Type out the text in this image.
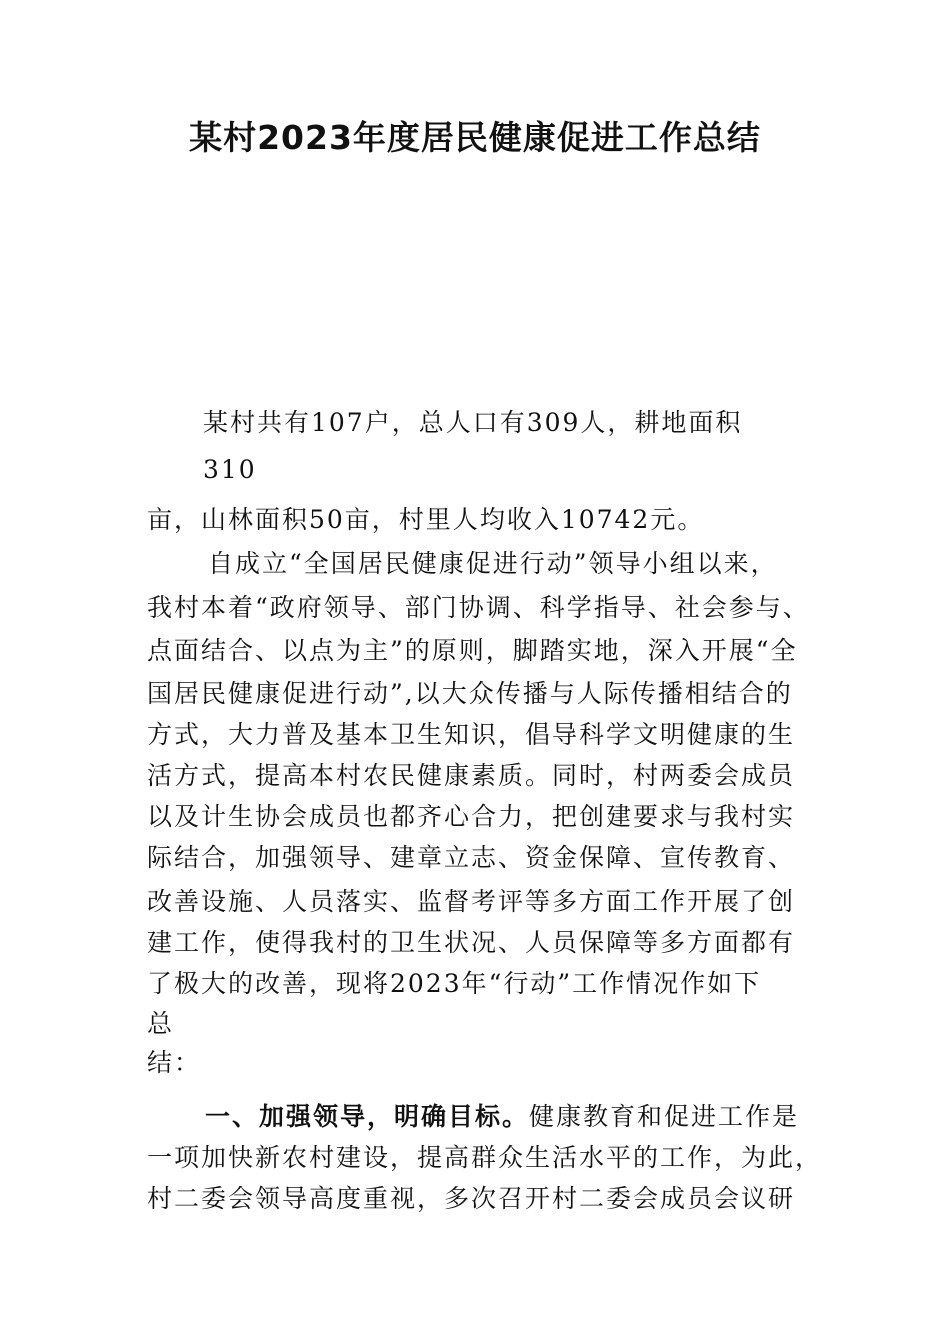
某村2023年度居民健康促进工作总结
某村共有107户，总人口有309人，耕地面积
310
亩，山林面积50亩，村里人均收入10742元。
自成立“全国居民健康促进行动”领导小组以来，
我村本着“政府领导、部门协调、科学指导、社会参与、
点面结合、以点为主”的原则，脚踏实地，深入开展“全
国居民健康促进行动”,以大众传播与人际传播相结合的
方式，大力普及基本卫生知识，倡导科学文明健康的生
活方式，提高本村农民健康素质。同时，村两委会成员
以及计生协会成员也都齐心合力，把创建要求与我村实
际结合，加强领导、建章立志、资金保障、宣传教育、
改善设施、人员落实、监督考评等多方面工作开展了创
建工作，使得我村的卫生状况、人员保障等多方面都有
了极大的改善，现将2023年“行动”工作情况作如下
总
结：
一、加强领导，明确目标。健康教育和促进工作是
一项加快新农村建设，提高群众生活水平的工作，为此，
村二委会领导高度重视，多次召开村二委会成员会议研
